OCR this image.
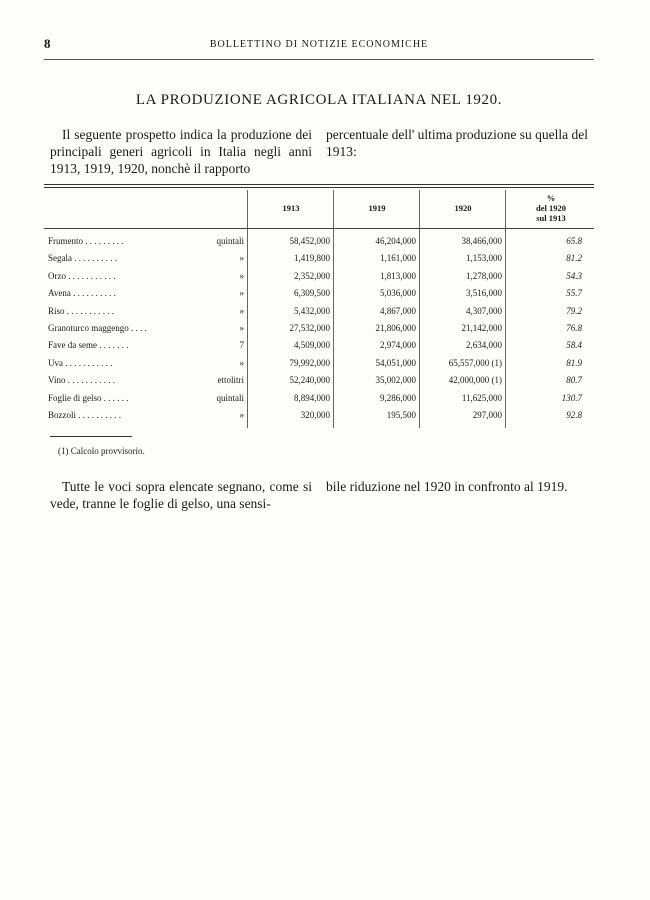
8	BOLLETTINO DI NOTIZIE ECONOMICHE
LA PRODUZIONE AGRICOLA ITALIANA NEL 1920.
Il seguente prospetto indica la produzione dei principali generi agricoli in Italia negli anni 1913, 1919, 1920, nonchè il rapporto
percentuale dell' ultima produzione su quella del 1913:
1913	1919	1920
%
del 1920
sul 1913
Frumento . . . . . . . . .	quintali	58,452,000	46,204,000	38,466,000	65.8
Segala . . . . . . . . . .	»	1,419,800	1,161,000	1,153,000	81.2
Orzo . . . . . . . . . . .	»	2,352,000	1,813,000	1,278,000	54.3
Avena . . . . . . . . . .	»	6,309,500	5,036,000	3,516,000	55.7
Riso . . . . . . . . . . .	»	5,432,000	4,867,000	4,307,000	79.2
Granoturco maggengo . . . .	»	27,532,000	21,806,000	21,142,000	76.8
Fave da seme . . . . . . .	7	4,509,000	2,974,000	2,634,000	58.4
Uva . . . . . . . . . . .	»	79,992,000	54,051,000	65,557,000 (1)	81.9
Vino . . . . . . . . . . .	ettolitri	52,240,000	35,002,000	42,000,000 (1)	80.7
Foglie di gelso . . . . . .	quintali	8,894,000	9,286,000	11,625,000	130.7
Bozzoli . . . . . . . . . .	»	320,000	195,500	297,000	92.8
(1) Calcolo provvisorio.
Tutte le voci sopra elencate segnano, come si vede, tranne le foglie di gelso, una sensi-
bile riduzione nel 1920 in confronto al 1919.
